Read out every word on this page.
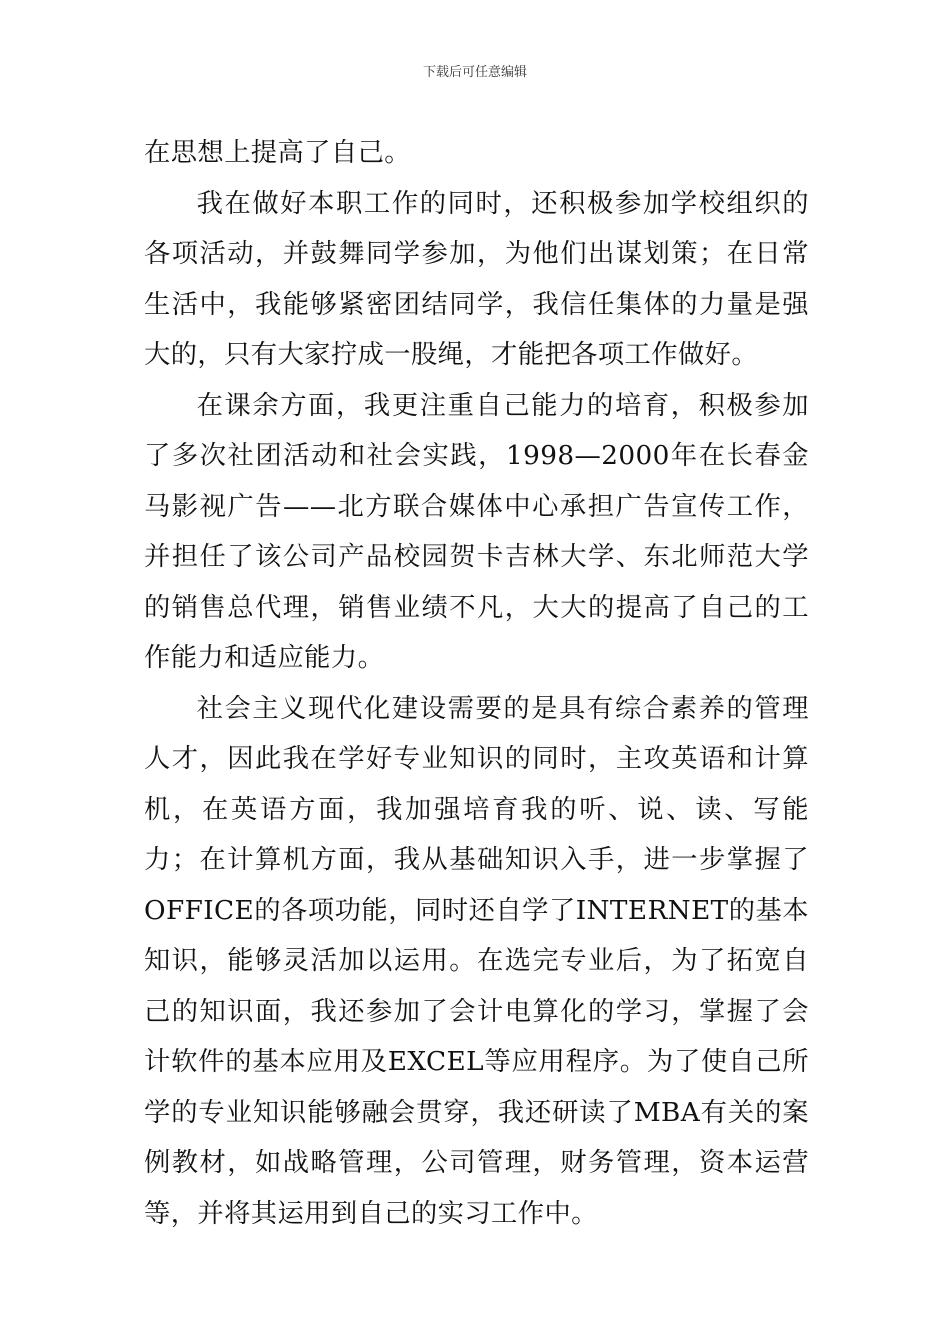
下载后可任意编辑

在思想上提高了自己。

我在做好本职工作的同时，还积极参加学校组织的各项活动，并鼓舞同学参加，为他们出谋划策；在日常生活中，我能够紧密团结同学，我信任集体的力量是强大的，只有大家拧成一股绳，才能把各项工作做好。

在课余方面，我更注重自己能力的培育，积极参加了多次社团活动和社会实践，1998—2000年在长春金马影视广告——北方联合媒体中心承担广告宣传工作，并担任了该公司产品校园贺卡吉林大学、东北师范大学的销售总代理，销售业绩不凡，大大的提高了自己的工作能力和适应能力。

社会主义现代化建设需要的是具有综合素养的管理人才，因此我在学好专业知识的同时，主攻英语和计算机，在英语方面，我加强培育我的听、说、读、写能力；在计算机方面，我从基础知识入手，进一步掌握了OFFICE的各项功能，同时还自学了INTERNET的基本知识，能够灵活加以运用。在选完专业后，为了拓宽自己的知识面，我还参加了会计电算化的学习，掌握了会计软件的基本应用及EXCEL等应用程序。为了使自己所学的专业知识能够融会贯穿，我还研读了MBA有关的案例教材，如战略管理，公司管理，财务管理，资本运营等，并将其运用到自己的实习工作中。
